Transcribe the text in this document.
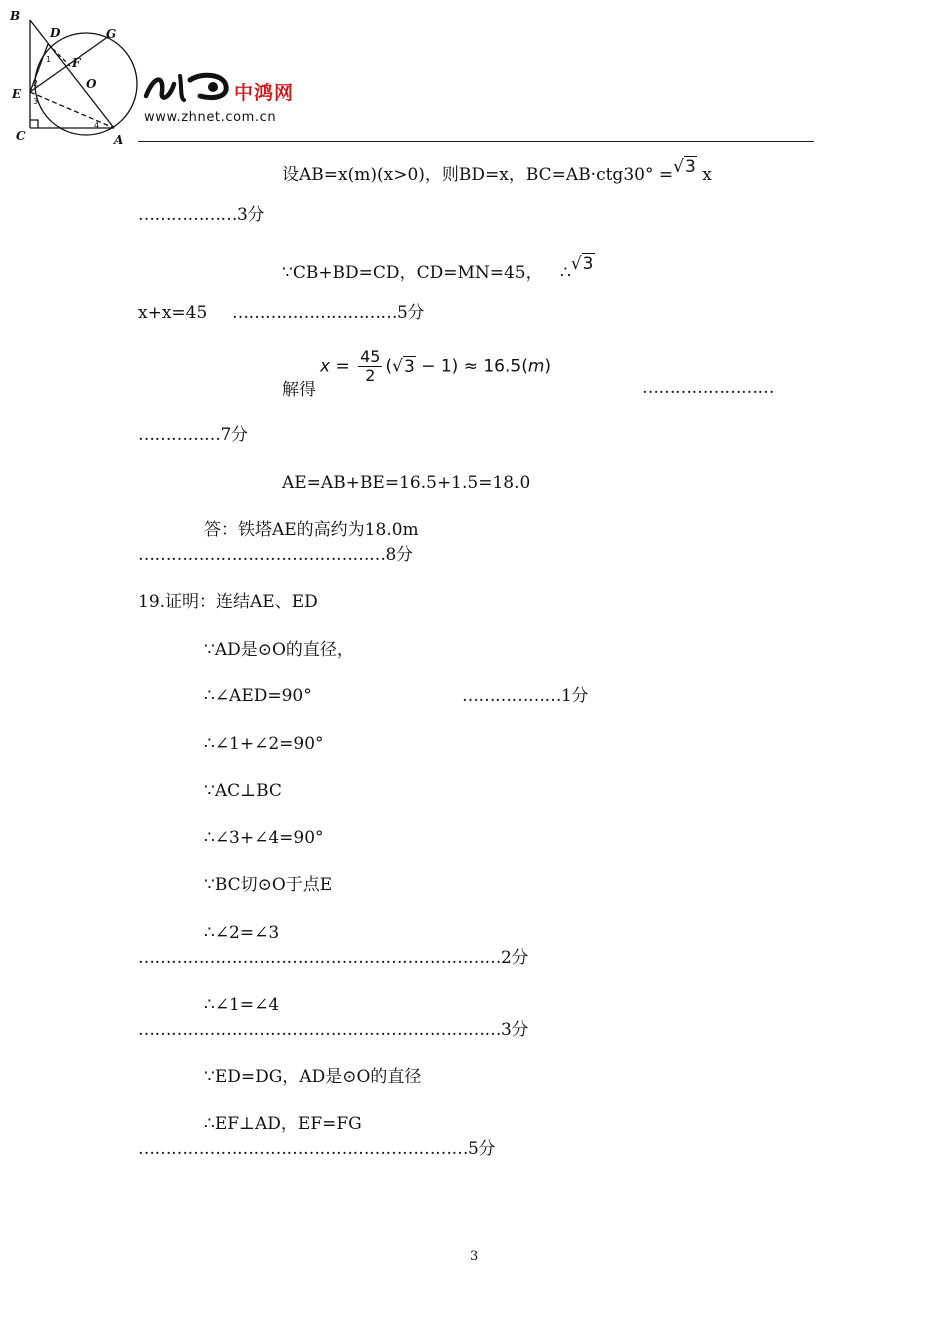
B
D	G
F
O
E
C	A
1
2
3
4
中鸿网
www.zhnet.com.cn
设AB=x(m)(x>0)，则BD=x，BC=AB·ctg30° =√3 x
………………3分
∵CB+BD=CD，CD=MN=45， ∴√3
x+x=45 …………………………5分
解得
$x = \frac{45}{2} (√3 - 1) \approx 16.5(m)$
……………………
……………7分
AE=AB+BE=16.5+1.5=18.0
答：铁塔AE的高约为18.0m
………………………………………8分
19.证明：连结AE、ED
∵AD是⊙O的直径，
∴∠AED=90°	………………1分
∴∠1+∠2=90°
∵AC⊥BC
∴∠3+∠4=90°
∵BC切⊙O于点E
∴∠2=∠3
…………………………………………………………2分
∴∠1=∠4
…………………………………………………………3分
∵ED=DG，AD是⊙O的直径
∴EF⊥AD，EF=FG
……………………………………………………5分
3
